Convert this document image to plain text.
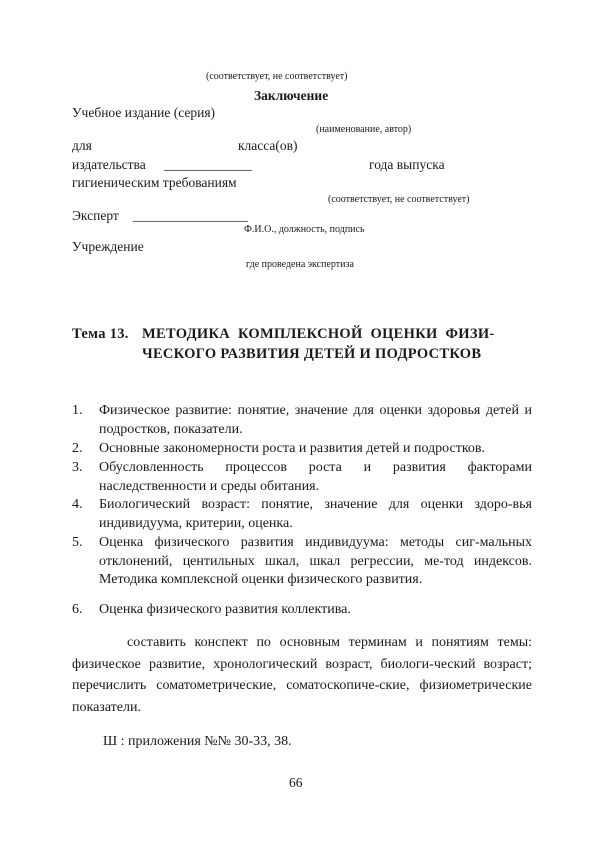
(соответствует, не соответствует)
Заключение
Учебное издание (серия)
(наименование, автор)
для	класса(ов)
издательства _____________	года выпуска
гигиеническим требованиям
(соответствует, не соответствует)
Эксперт _________________
Ф.И.О., должность, подпись
Учреждение
где проведена экспертиза
Тема 13. МЕТОДИКА КОМПЛЕКСНОЙ ОЦЕНКИ ФИЗИ-
ЧЕСКОГО РАЗВИТИЯ ДЕТЕЙ И ПОДРОСТКОВ
1. Физическое развитие: понятие, значение для оценки здоровья детей и подростков, показатели.
2. Основные закономерности роста и развития детей и подростков.
3. Обусловленность процессов роста и развития факторами наследственности и среды обитания.
4. Биологический возраст: понятие, значение для оценки здоро-вья индивидуума, критерии, оценка.
5. Оценка физического развития индивидуума: методы сиг-мальных отклонений, центильных шкал, шкал регрессии, ме-тод индексов. Методика комплексной оценки физического развития.
6. Оценка физического развития коллектива.
составить конспект по основным терминам и понятиям темы: физическое развитие, хронологический возраст, биологи-ческий возраст; перечислить соматометрические, соматоскопиче-ские, физиометрические показатели.
Ш : приложения №№ 30-33, 38.
66
